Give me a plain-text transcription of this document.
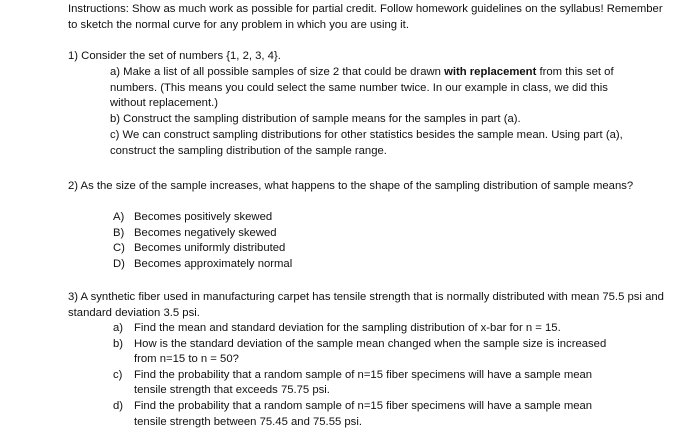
Instructions: Show as much work as possible for partial credit. Follow homework guidelines on the syllabus! Remember to sketch the normal curve for any problem in which you are using it.

1) Consider the set of numbers {1, 2, 3, 4}.

a) Make a list of all possible samples of size 2 that could be drawn with replacement from this set of numbers. (This means you could select the same number twice. In our example in class, we did this without replacement.)

b) Construct the sampling distribution of sample means for the samples in part (a).

c) We can construct sampling distributions for other statistics besides the sample mean. Using part (a), construct the sampling distribution of the sample range.

2) As the size of the sample increases, what happens to the shape of the sampling distribution of sample means?

A) Becomes positively skewed
B) Becomes negatively skewed
C) Becomes uniformly distributed
D) Becomes approximately normal

3) A synthetic fiber used in manufacturing carpet has tensile strength that is normally distributed with mean 75.5 psi and standard deviation 3.5 psi.

a) Find the mean and standard deviation for the sampling distribution of x-bar for n = 15.
b) How is the standard deviation of the sample mean changed when the sample size is increased from n=15 to n = 50?
c)	Find the probability that a random sample of n=15 fiber specimens will have a sample mean tensile strength that exceeds 75.75 psi.
d) Find the probability that a random sample of n=15 fiber specimens will have a sample mean tensile strength between 75.45 and 75.55 psi.
